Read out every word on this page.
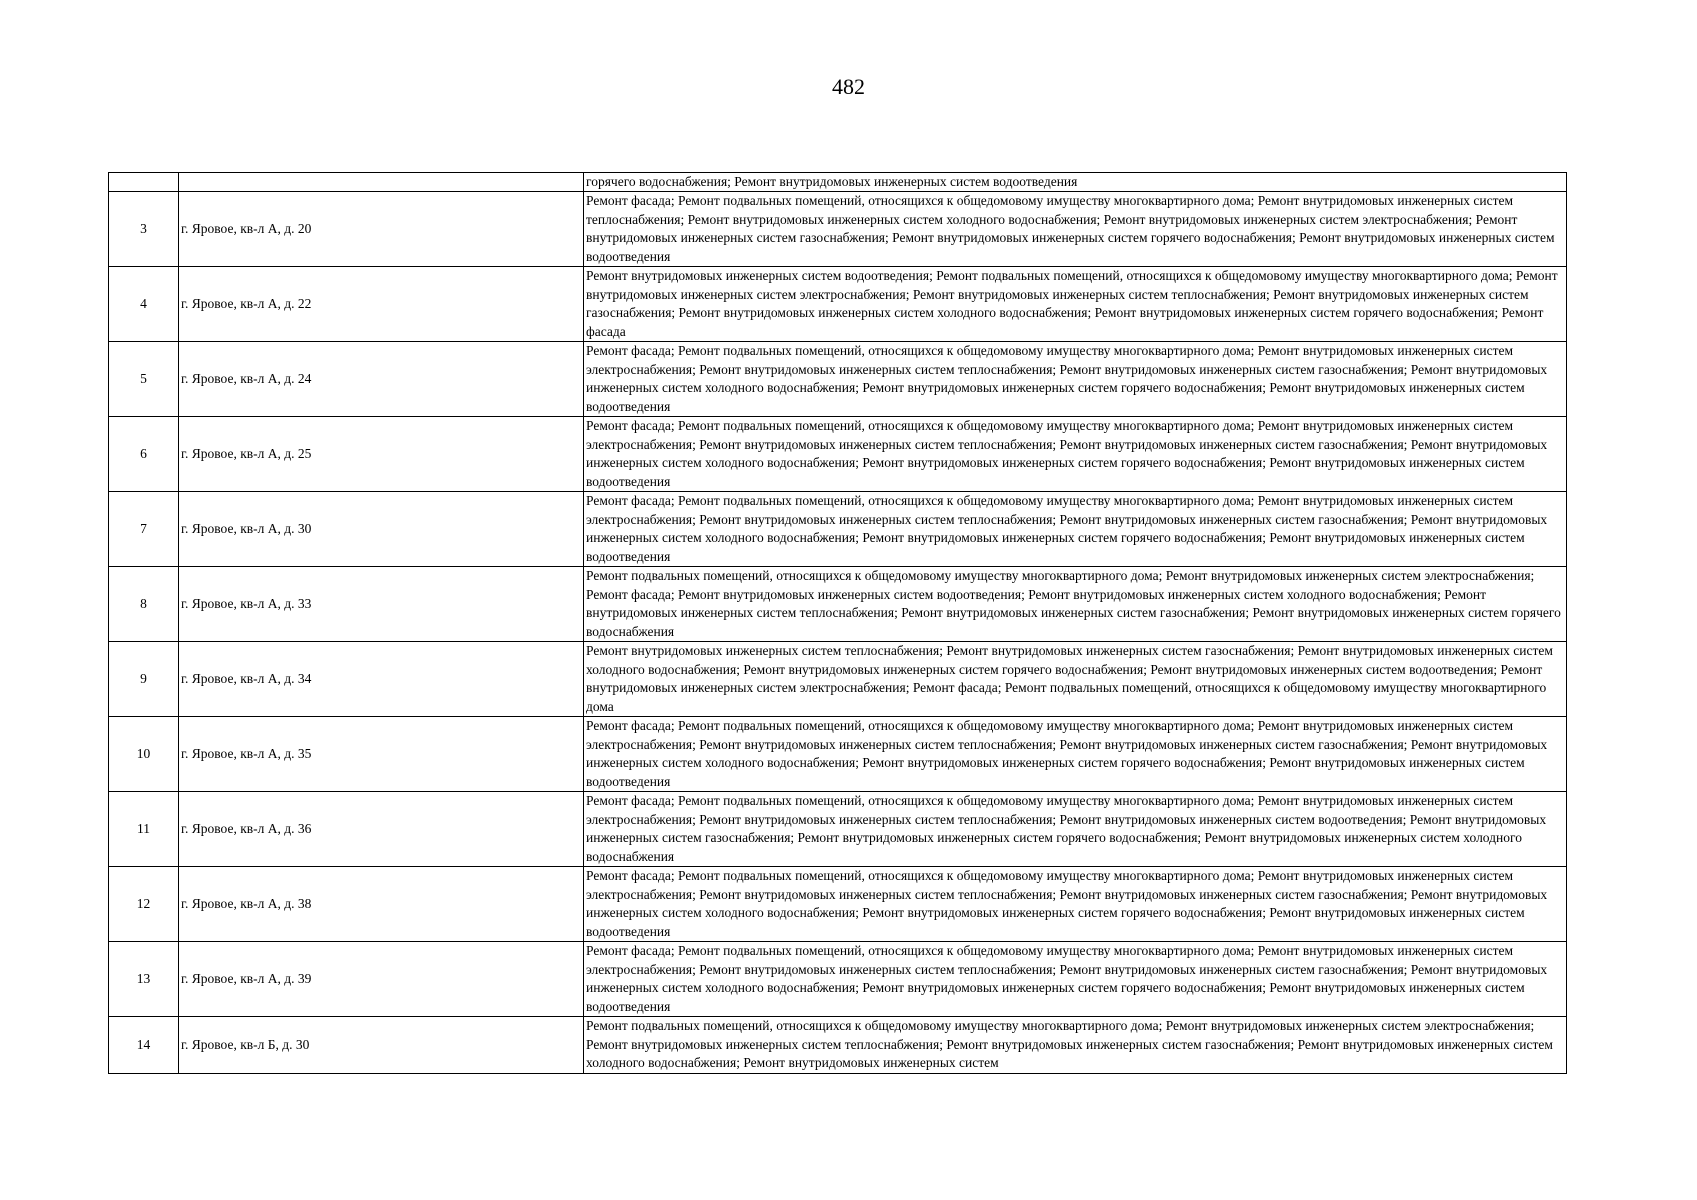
482
		горячего водоснабжения; Ремонт внутридомовых инженерных систем водоотведения
3	г. Яровое, кв-л А, д. 20	Ремонт фасада; Ремонт подвальных помещений, относящихся к общедомовому имуществу многоквартирного дома; Ремонт внутридомовых инженерных систем теплоснабжения; Ремонт внутридомовых инженерных систем холодного водоснабжения; Ремонт внутридомовых инженерных систем электроснабжения; Ремонт внутридомовых инженерных систем газоснабжения; Ремонт внутридомовых инженерных систем горячего водоснабжения; Ремонт внутридомовых инженерных систем водоотведения
4	г. Яровое, кв-л А, д. 22	Ремонт внутридомовых инженерных систем водоотведения; Ремонт подвальных помещений, относящихся к общедомовому имуществу многоквартирного дома; Ремонт внутридомовых инженерных систем электроснабжения; Ремонт внутридомовых инженерных систем теплоснабжения; Ремонт внутридомовых инженерных систем газоснабжения; Ремонт внутридомовых инженерных систем холодного водоснабжения; Ремонт внутридомовых инженерных систем горячего водоснабжения; Ремонт фасада
5	г. Яровое, кв-л А, д. 24	Ремонт фасада; Ремонт подвальных помещений, относящихся к общедомовому имуществу многоквартирного дома; Ремонт внутридомовых инженерных систем электроснабжения; Ремонт внутридомовых инженерных систем теплоснабжения; Ремонт внутридомовых инженерных систем газоснабжения; Ремонт внутридомовых инженерных систем холодного водоснабжения; Ремонт внутридомовых инженерных систем горячего водоснабжения; Ремонт внутридомовых инженерных систем водоотведения
6	г. Яровое, кв-л А, д. 25	Ремонт фасада; Ремонт подвальных помещений, относящихся к общедомовому имуществу многоквартирного дома; Ремонт внутридомовых инженерных систем электроснабжения; Ремонт внутридомовых инженерных систем теплоснабжения; Ремонт внутридомовых инженерных систем газоснабжения; Ремонт внутридомовых инженерных систем холодного водоснабжения; Ремонт внутридомовых инженерных систем горячего водоснабжения; Ремонт внутридомовых инженерных систем водоотведения
7	г. Яровое, кв-л А, д. 30	Ремонт фасада; Ремонт подвальных помещений, относящихся к общедомовому имуществу многоквартирного дома; Ремонт внутридомовых инженерных систем электроснабжения; Ремонт внутридомовых инженерных систем теплоснабжения; Ремонт внутридомовых инженерных систем газоснабжения; Ремонт внутридомовых инженерных систем холодного водоснабжения; Ремонт внутридомовых инженерных систем горячего водоснабжения; Ремонт внутридомовых инженерных систем водоотведения
8	г. Яровое, кв-л А, д. 33	Ремонт подвальных помещений, относящихся к общедомовому имуществу многоквартирного дома; Ремонт внутридомовых инженерных систем электроснабжения; Ремонт фасада; Ремонт внутридомовых инженерных систем водоотведения; Ремонт внутридомовых инженерных систем холодного водоснабжения; Ремонт внутридомовых инженерных систем теплоснабжения; Ремонт внутридомовых инженерных систем газоснабжения; Ремонт внутридомовых инженерных систем горячего водоснабжения
9	г. Яровое, кв-л А, д. 34	Ремонт внутридомовых инженерных систем теплоснабжения; Ремонт внутридомовых инженерных систем газоснабжения; Ремонт внутридомовых инженерных систем холодного водоснабжения; Ремонт внутридомовых инженерных систем горячего водоснабжения; Ремонт внутридомовых инженерных систем водоотведения; Ремонт внутридомовых инженерных систем электроснабжения; Ремонт фасада; Ремонт подвальных помещений, относящихся к общедомовому имуществу многоквартирного дома
10	г. Яровое, кв-л А, д. 35	Ремонт фасада; Ремонт подвальных помещений, относящихся к общедомовому имуществу многоквартирного дома; Ремонт внутридомовых инженерных систем электроснабжения; Ремонт внутридомовых инженерных систем теплоснабжения; Ремонт внутридомовых инженерных систем газоснабжения; Ремонт внутридомовых инженерных систем холодного водоснабжения; Ремонт внутридомовых инженерных систем горячего водоснабжения; Ремонт внутридомовых инженерных систем водоотведения
11	г. Яровое, кв-л А, д. 36	Ремонт фасада; Ремонт подвальных помещений, относящихся к общедомовому имуществу многоквартирного дома; Ремонт внутридомовых инженерных систем электроснабжения; Ремонт внутридомовых инженерных систем теплоснабжения; Ремонт внутридомовых инженерных систем водоотведения; Ремонт внутридомовых инженерных систем газоснабжения; Ремонт внутридомовых инженерных систем горячего водоснабжения; Ремонт внутридомовых инженерных систем холодного водоснабжения
12	г. Яровое, кв-л А, д. 38	Ремонт фасада; Ремонт подвальных помещений, относящихся к общедомовому имуществу многоквартирного дома; Ремонт внутридомовых инженерных систем электроснабжения; Ремонт внутридомовых инженерных систем теплоснабжения; Ремонт внутридомовых инженерных систем газоснабжения; Ремонт внутридомовых инженерных систем холодного водоснабжения; Ремонт внутридомовых инженерных систем горячего водоснабжения; Ремонт внутридомовых инженерных систем водоотведения
13	г. Яровое, кв-л А, д. 39	Ремонт фасада; Ремонт подвальных помещений, относящихся к общедомовому имуществу многоквартирного дома; Ремонт внутридомовых инженерных систем электроснабжения; Ремонт внутридомовых инженерных систем теплоснабжения; Ремонт внутридомовых инженерных систем газоснабжения; Ремонт внутридомовых инженерных систем холодного водоснабжения; Ремонт внутридомовых инженерных систем горячего водоснабжения; Ремонт внутридомовых инженерных систем водоотведения
14	г. Яровое, кв-л Б, д. 30	Ремонт подвальных помещений, относящихся к общедомовому имуществу многоквартирного дома; Ремонт внутридомовых инженерных систем электроснабжения; Ремонт внутридомовых инженерных систем теплоснабжения; Ремонт внутридомовых инженерных систем газоснабжения; Ремонт внутридомовых инженерных систем холодного водоснабжения; Ремонт внутридомовых инженерных систем
